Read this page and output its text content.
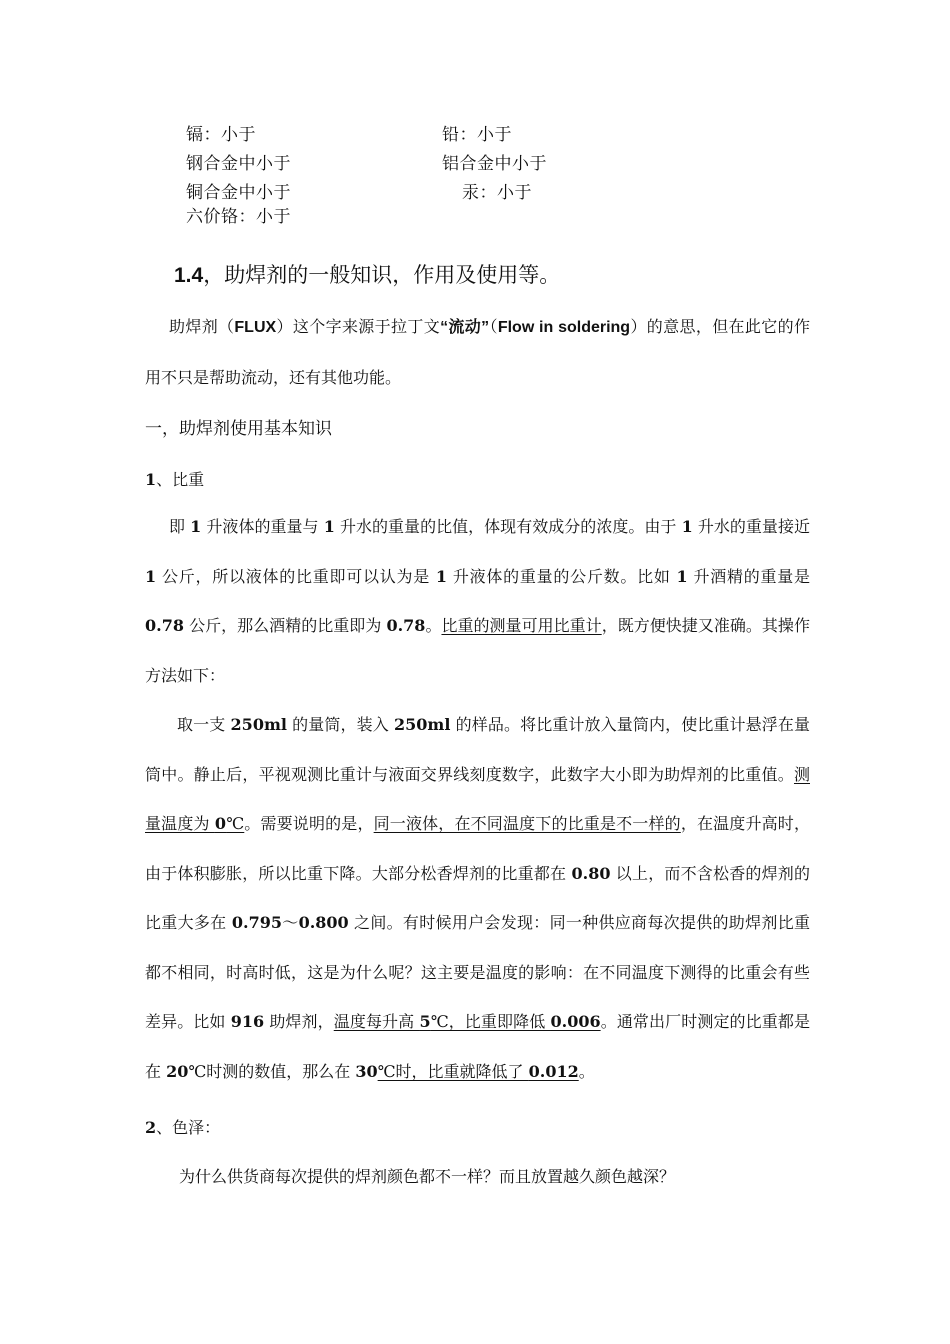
镉：小于	铅：小于
钢合金中小于	铝合金中小于
铜合金中小于	汞：小于
六价铬：小于
1.4，助焊剂的一般知识，作用及使用等。
助焊剂（FLUX）这个字来源于拉丁文“流动”（Flow in soldering）的意思，但在此它的作用不只是帮助流动，还有其他功能。
一，助焊剂使用基本知识
1、比重
即 1 升液体的重量与 1 升水的重量的比值，体现有效成分的浓度。由于 1 升水的重量接近 1 公斤，所以液体的比重即可以认为是 1 升液体的重量的公斤数。比如 1 升酒精的重量是 0.78 公斤，那么酒精的比重即为 0.78。比重的测量可用比重计，既方便快捷又准确。其操作方法如下：
取一支 250ml 的量筒，装入 250ml 的样品。将比重计放入量筒内，使比重计悬浮在量筒中。静止后，平视观测比重计与液面交界线刻度数字，此数字大小即为助焊剂的比重值。测量温度为 0℃。需要说明的是，同一液体，在不同温度下的比重是不一样的，在温度升高时，由于体积膨胀，所以比重下降。大部分松香焊剂的比重都在 0.80 以上，而不含松香的焊剂的比重大多在 0.795～0.800 之间。有时候用户会发现：同一种供应商每次提供的助焊剂比重都不相同，时高时低，这是为什么呢？这主要是温度的影响：在不同温度下测得的比重会有些差异。比如 916 助焊剂，温度每升高 5℃，比重即降低 0.006。通常出厂时测定的比重都是在 20℃时测的数值，那么在 30℃时，比重就降低了 0.012。
2、色泽：
为什么供货商每次提供的焊剂颜色都不一样？而且放置越久颜色越深？
